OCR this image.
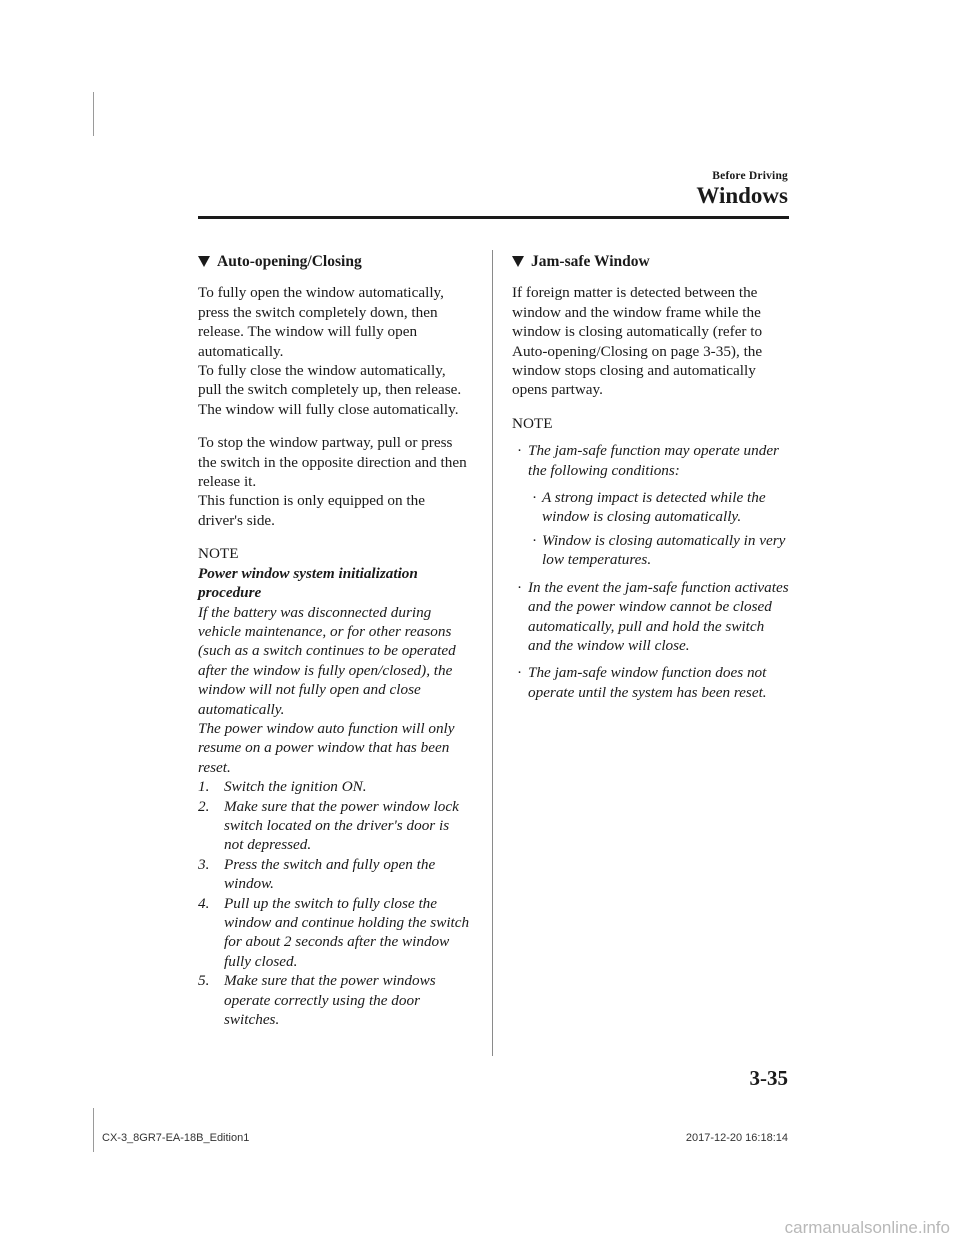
Before Driving
Windows
Auto-opening/Closing

To fully open the window automatically, press the switch completely down, then release. The window will fully open automatically.

To fully close the window automatically, pull the switch completely up, then release. The window will fully close automatically.

To stop the window partway, pull or press the switch in the opposite direction and then release it.

This function is only equipped on the driver's side.

NOTE

Power window system initialization procedure

If the battery was disconnected during vehicle maintenance, or for other reasons (such as a switch continues to be operated after the window is fully open/closed), the window will not fully open and close automatically.

The power window auto function will only resume on a power window that has been reset.

1. Switch the ignition ON.
2. Make sure that the power window lock switch located on the driver's door is not depressed.
3. Press the switch and fully open the window.
4. Pull up the switch to fully close the window and continue holding the switch for about 2 seconds after the window fully closed.
5. Make sure that the power windows operate correctly using the door switches.
Jam-safe Window

If foreign matter is detected between the window and the window frame while the window is closing automatically (refer to Auto-opening/Closing on page 3-35), the window stops closing and automatically opens partway.

NOTE

· The jam-safe function may operate under the following conditions:
· A strong impact is detected while the window is closing automatically.
· Window is closing automatically in very low temperatures.
· In the event the jam-safe function activates and the power window cannot be closed automatically, pull and hold the switch and the window will close.
· The jam-safe window function does not operate until the system has been reset.
3-35
CX-3_8GR7-EA-18B_Edition1	2017-12-20 16:18:14
carmanualsonline.info
